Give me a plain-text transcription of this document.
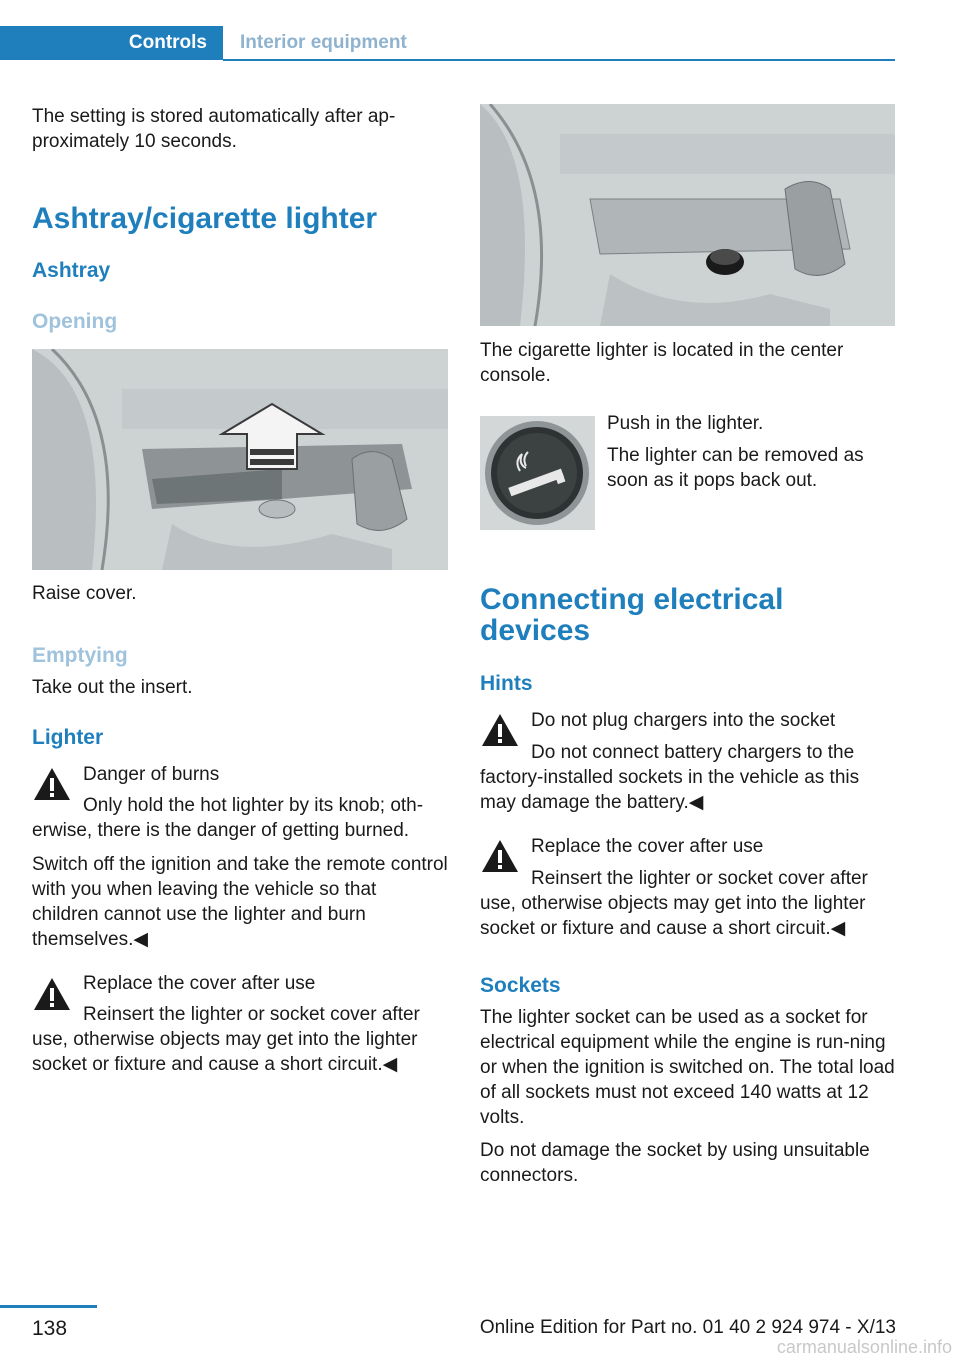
Controls	Interior equipment

The setting is stored automatically after ap‐proximately 10 seconds.

Ashtray/cigarette lighter
Ashtray
Opening

Raise cover.

Emptying

Take out the insert.

Lighter

Danger of burns

Only hold the hot lighter by its knob; oth‐erwise, there is the danger of getting burned.

Switch off the ignition and take the remote control with you when leaving the vehicle so that children cannot use the lighter and burn themselves.◀

Replace the cover after use

Reinsert the lighter or socket cover after use, otherwise objects may get into the lighter socket or fixture and cause a short circuit.◀

The cigarette lighter is located in the center console.

Push in the lighter.

The lighter can be removed as soon as it pops back out.

Connecting electrical devices
Hints

Do not plug chargers into the socket

Do not connect battery chargers to the factory-installed sockets in the vehicle as this may damage the battery.◀

Replace the cover after use

Reinsert the lighter or socket cover after use, otherwise objects may get into the lighter socket or fixture and cause a short circuit.◀

Sockets

The lighter socket can be used as a socket for electrical equipment while the engine is run‐ning or when the ignition is switched on. The total load of all sockets must not exceed 140 watts at 12 volts.

Do not damage the socket by using unsuitable connectors.

138	Online Edition for Part no. 01 40 2 924 974 - X/13
carmanualsonline.info
